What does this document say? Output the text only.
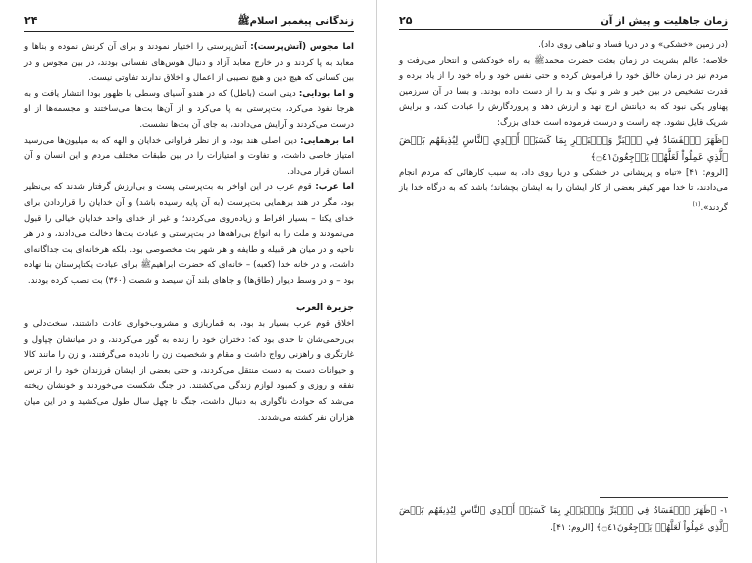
زندگانی پیغمبر اسلامﷺ
۲۴

اما مجوس (آتش‌پرست): آتش‌پرستی را اختیار نمودند و برای آن کرنش نموده و بناها و معابد به پا کردند و در خارج معابد آزاد و دنبال هوس‌های نفسانی بودند، در بین مجوس و در بین کسانی که هیچ دین و هیچ نصیبی از اعمال و اخلاق ندارند تفاوتی نیست.

و اما بودایی: دینی است (باطل) که در هندو آسیای وسطی با ظهور بودا انتشار یافت و به هرجا نفوذ می‌کرد، بت‌پرستی به پا می‌کرد و از آن‌ها بت‌ها می‌ساختند و مجسمه‌ها از او درست می‌کردند و آرایش می‌دادند، به جای آن بت‌ها نشست.

اما برهمایی: دین اصلی هند بود، و از نظر فراوانی خدایان و الهه که به میلیون‌ها می‌رسید امتیاز خاصی داشت، و تفاوت و امتیازات را در بین طبقات مختلف مردم و این انسان و آن انسان قرار می‌داد.

اما عرب: قوم عرب در این اواخر به بت‌پرستی پست و بی‌ارزش گرفتار شدند که بی‌نظیر بود، مگر در هند برهمایی بت‌پرست (به آن پایه رسیده باشد) و آن خدایان را قراردادن برای خدای یکتا – بسیار افراط و زیاده‌روی می‌کردند؛ و غیر از خدای واحد خدایان خیالی را قبول می‌نمودند و ملت را به انواع بی‌راهه‌ها در بت‌پرستی و عبادت بت‌ها دخالت می‌دادند، و در هر ناحیه و در میان هر قبیله و طایفه و هر شهر بت مخصوصی بود. بلکه هرخانه‌ای بت جداگانه‌ای داشت، و در خانه خدا (کعبه) – خانه‌ای که حضرت ابراهیمﷺ برای عبادت یکتاپرستان بنا نهاده بود – و در وسط دیوار (طاق‌ها) و جاهای بلند آن سیصد و شصت (۳۶۰) بت نصب کرده بودند.

جزیرة العرب

اخلاق قوم عرب بسیار بد بود، به قماربازی و مشروب‌خواری عادت داشتند، سخت‌دلی و بی‌رحمی‌شان تا حدی بود که: دختران خود را زنده به گور می‌کردند، و در میانشان چپاول و غارتگری و راهزنی رواج داشت و مقام و شخصیت زن را نادیده می‌گرفتند، و زن را مانند کالا و حیوانات دست به دست منتقل می‌کردند، و حتی بعضی از ایشان فرزندان خود را از ترس نفقه و روزی و کمبود لوازم زندگی می‌کشتند. در جنگ شکست می‌خوردند و خونشان ریخته می‌شد که حوادث ناگواری به دنبال داشت، جنگ تا چهل سال طول می‌کشید و در این میان هزاران نفر کشته می‌شدند.

زمان جاهلیت و پیش از آن
۲۵

(در زمین «خشکی» و در دریا فساد و تباهی روی داد).

خلاصه: عالم بشریت در زمان بعثت حضرت محمدﷺ به راه خودکشی و انتحار می‌رفت و مردم نیز در زمان خالق خود را فراموش کرده و حتی نفس خود و راه خود را از یاد برده و قدرت تشخیص در بین خیر و شر و نیک و بد را از دست داده بودند. و بسا در آن سرزمین پهناور یکی نبود که به دیانتش ارج نهد و ارزش دهد و پروردگارش را عبادت کند، و برایش شریک قایل نشود. چه راست و درست فرموده است خدای بزرگ:

﴿ظَهَرَ ٱلۡفَسَادُ فِي ٱلۡبَرِّ وَٱلۡبَحۡرِ بِمَا كَسَبَتۡ أَيۡدِي ٱلنَّاسِ لِيُذِيقَهُم بَعۡضَ ٱلَّذِي عَمِلُواْ لَعَلَّهُمۡ يَرۡجِعُونَ۝٤١﴾

[الروم: ۴۱] «تباه و پریشانی در خشکی و دریا روی داد، به سبب کارهائی که مردم انجام می‌دادند، تا خدا مهر کیفر بعضی از کار ایشان را به ایشان بچشاند؛ باشد که به درگاه خدا باز گردند».$^{(۱)}$

۱- ﴿ظَهَرَ ٱلۡفَسَادُ فِي ٱلۡبَرِّ وَٱلۡبَحۡرِ بِمَا كَسَبَتۡ أَيۡدِي ٱلنَّاسِ لِيُذِيقَهُم بَعۡضَ ٱلَّذِي عَمِلُواْ لَعَلَّهُمۡ يَرۡجِعُونَ۝٤١﴾ [الروم: ۴۱].
